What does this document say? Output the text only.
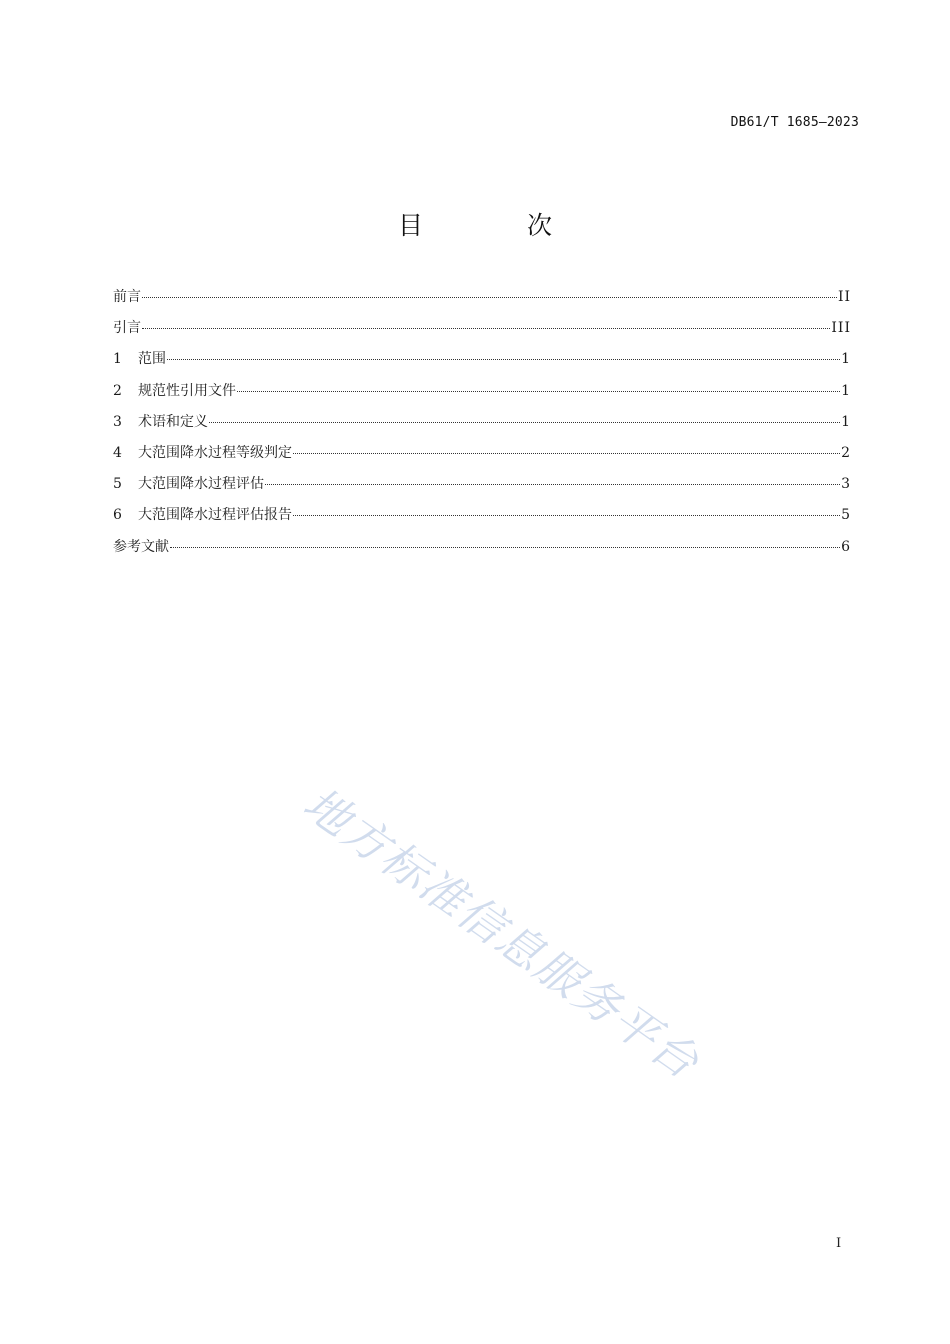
DB61/T 1685—2023
目 次
前言	II
引言	III
1	范围	1
2	规范性引用文件	1
3	术语和定义	1
4	大范围降水过程等级判定	2
5	大范围降水过程评估	3
6	大范围降水过程评估报告	5
参考文献	6
地方标准信息服务平台
I
